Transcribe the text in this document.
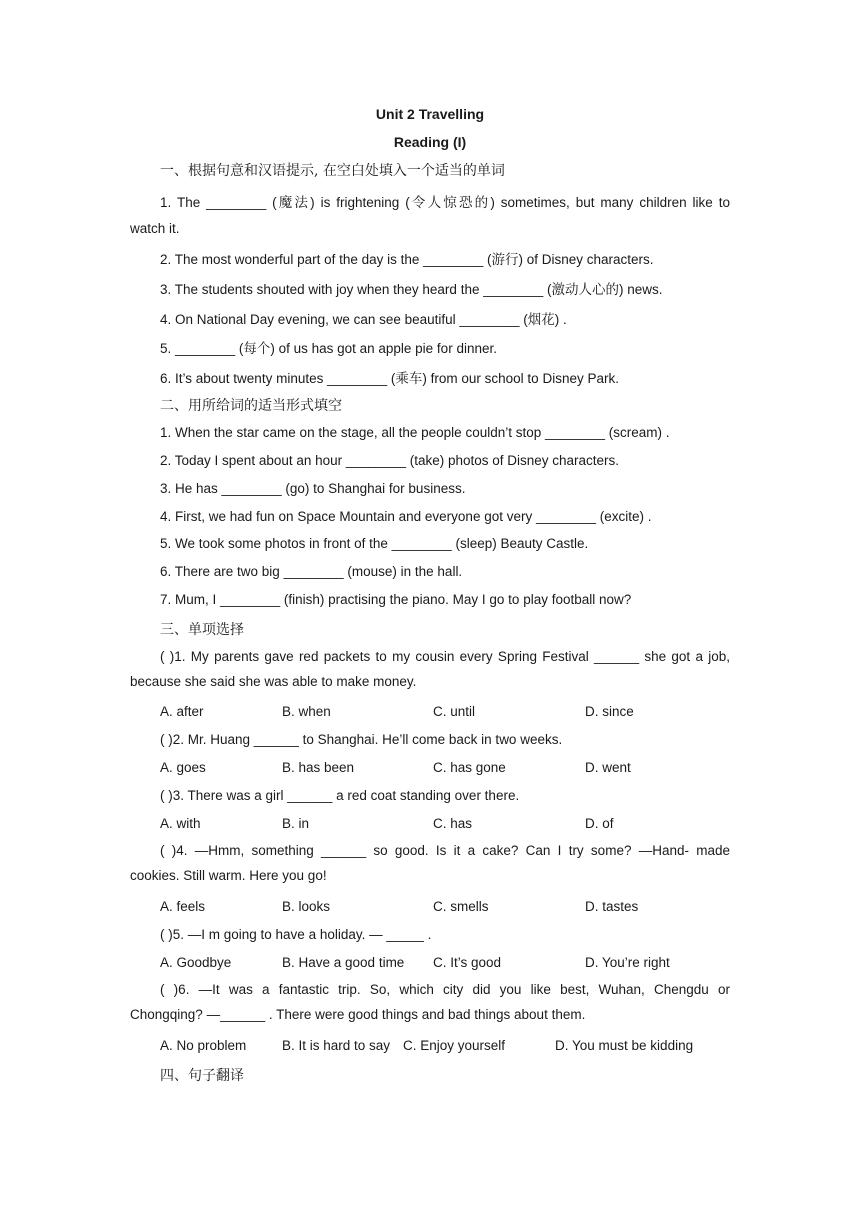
Unit 2 Travelling
Reading (I)
一、根据句意和汉语提示, 在空白处填入一个适当的单词
1. The ________ (魔法) is frightening (令人惊恐的) sometimes, but many children like to
watch it.
2. The most wonderful part of the day is the ________ (游行) of Disney characters.
3. The students shouted with joy when they heard the ________ (激动人心的) news.
4. On National Day evening, we can see beautiful ________ (烟花) .
5. ________ (每个) of us has got an apple pie for dinner.
6. It’s about twenty minutes ________ (乘车) from our school to Disney Park.
二、用所给词的适当形式填空
1. When the star came on the stage, all the people couldn’t stop ________ (scream) .
2. Today I spent about an hour ________ (take) photos of Disney characters.
3. He has ________ (go) to Shanghai for business.
4. First, we had fun on Space Mountain and everyone got very ________ (excite) .
5. We took some photos in front of the ________ (sleep) Beauty Castle.
6. There are two big ________ (mouse) in the hall.
7. Mum, I ________ (finish) practising the piano. May I go to play football now?
三、单项选择
( )1. My parents gave red packets to my cousin every Spring Festival ______ she got a job,
because she said she was able to make money.
A. after	B. when	C. until	D. since
( )2. Mr. Huang ______ to Shanghai. He’ll come back in two weeks.
A. goes	B. has been	C. has gone	D. went
( )3. There was a girl ______ a red coat standing over there.
A. with	B. in	C. has	D. of
( )4. —Hmm, something ______ so good. Is it a cake? Can I try some? —Hand- made
cookies. Still warm. Here you go!
A. feels	B. looks	C. smells	D. tastes
( )5. —I m going to have a holiday. — _____ .
A. Goodbye	B. Have a good time C. It’s good	D. You’re right
( )6. —It was a fantastic trip. So, which city did you like best, Wuhan, Chengdu or
Chongqing? —______ . There were good things and bad things about them.
A. No problem	B. It is hard to say C. Enjoy yourself	D. You must be kidding
四、句子翻译
